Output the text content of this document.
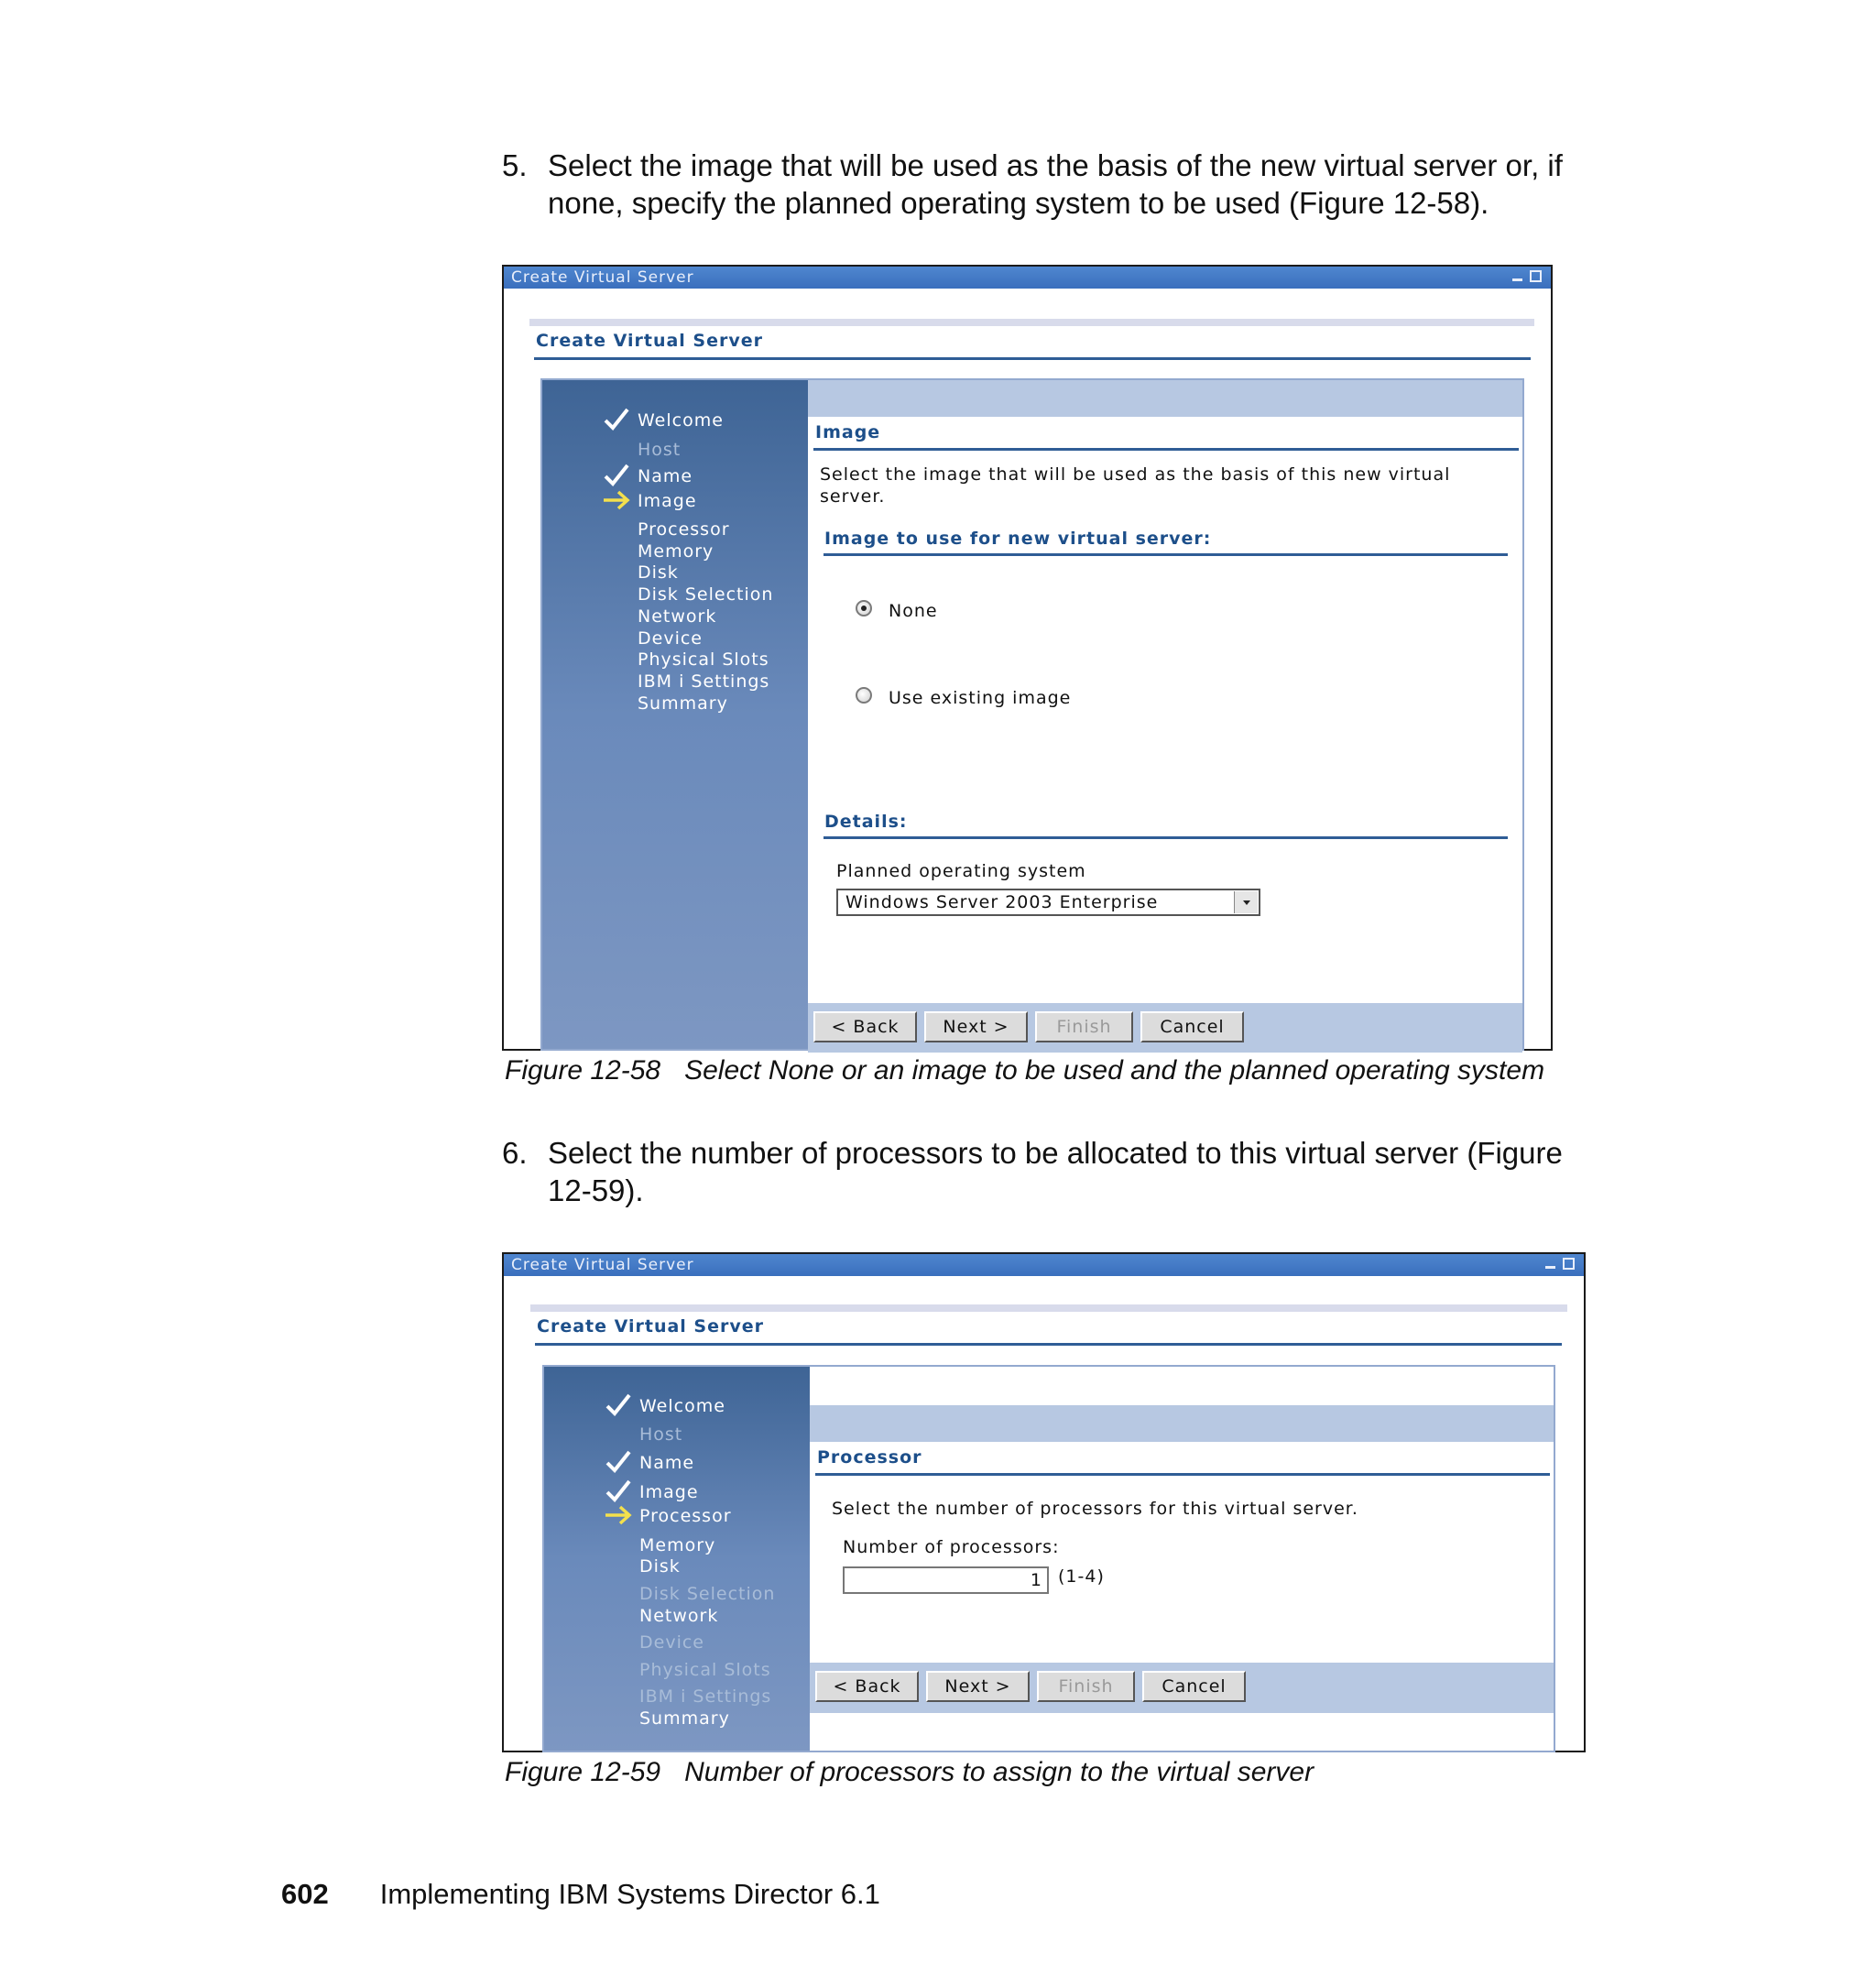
5. Select the image that will be used as the basis of the new virtual server or, if none, specify the planned operating system to be used (Figure 12-58).
Create Virtual Server
Create Virtual Server
Welcome
Host
Name
Image
Processor
Memory
Disk
Disk Selection
Network
Device
Physical Slots
IBM i Settings
Summary
Image
Select the image that will be used as the basis of this new virtual server.
Image to use for new virtual server:
None
Use existing image
Details:
Planned operating system
Windows Server 2003 Enterprise
< Back	Next >	Finish	Cancel
Figure 12-58 Select None or an image to be used and the planned operating system
6. Select the number of processors to be allocated to this virtual server (Figure 12-59).
Create Virtual Server
Create Virtual Server
Welcome
Host
Name
Image
Processor
Memory
Disk
Disk Selection
Network
Device
Physical Slots
IBM i Settings
Summary
Processor
Select the number of processors for this virtual server.
Number of processors:
1 (1-4)
< Back	Next >	Finish	Cancel
Figure 12-59 Number of processors to assign to the virtual server
602 Implementing IBM Systems Director 6.1
